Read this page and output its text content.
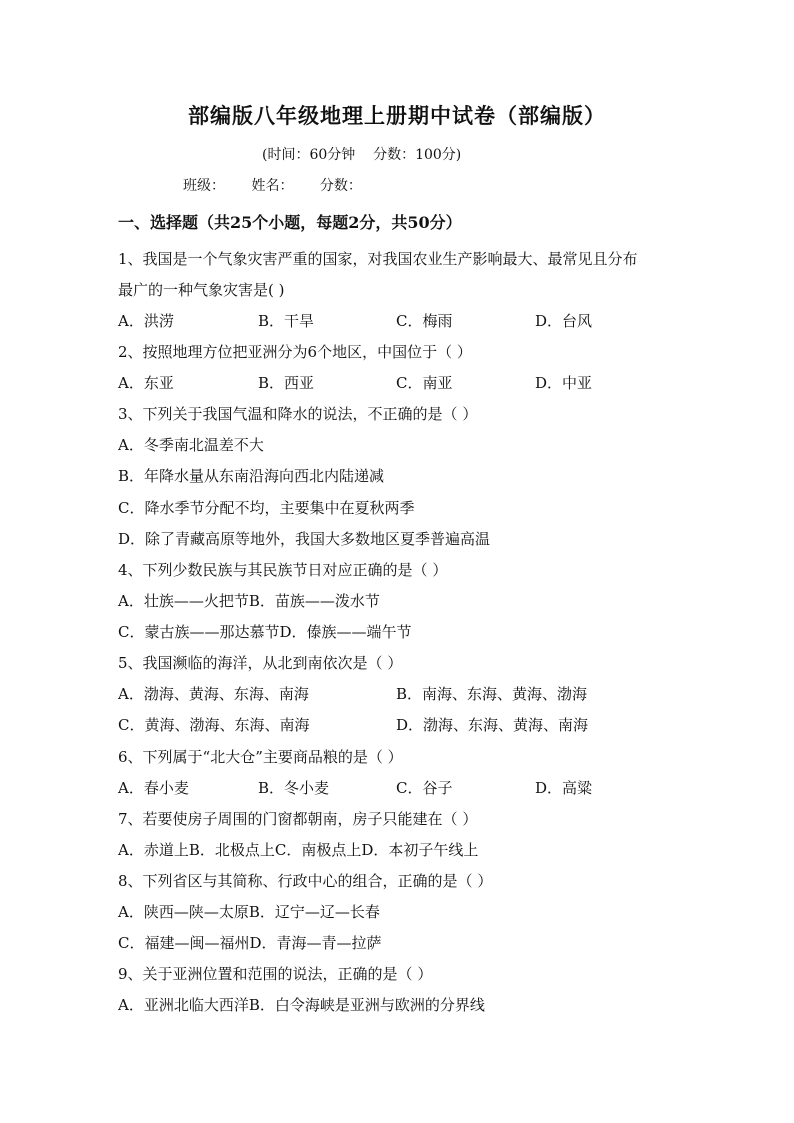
部编版八年级地理上册期中试卷（部编版）
(时间：60分钟    分数：100分)
班级： 姓名： 分数：
一、选择题（共25个小题，每题2分，共50分）
1、我国是一个气象灾害严重的国家，对我国农业生产影响最大、最常见且分布
最广的一种气象灾害是( )
A．洪涝	B．干旱	C．梅雨	D．台风
2、按照地理方位把亚洲分为6个地区，中国位于（ ）
A．东亚	B．西亚	C．南亚	D．中亚
3、下列关于我国气温和降水的说法，不正确的是（ ）
A．冬季南北温差不大
B．年降水量从东南沿海向西北内陆递减
C．降水季节分配不均，主要集中在夏秋两季
D．除了青藏高原等地外，我国大多数地区夏季普遍高温
4、下列少数民族与其民族节日对应正确的是（ ）
A．壮族——火把节B．苗族——泼水节
C．蒙古族——那达慕节D．傣族——端午节
5、我国濒临的海洋，从北到南依次是（ ）
A．渤海、黄海、东海、南海	B．南海、东海、黄海、渤海
C．黄海、渤海、东海、南海	D．渤海、东海、黄海、南海
6、下列属于“北大仓”主要商品粮的是（ ）
A．春小麦	B．冬小麦	C．谷子	D．高粱
7、若要使房子周围的门窗都朝南，房子只能建在（ ）
A．赤道上B．北极点上C．南极点上D．本初子午线上
8、下列省区与其简称、行政中心的组合，正确的是（ ）
A．陕西—陕—太原B．辽宁—辽—长春
C．福建—闽—福州D．青海—青—拉萨
9、关于亚洲位置和范围的说法，正确的是（ ）
A．亚洲北临大西洋B．白令海峡是亚洲与欧洲的分界线
